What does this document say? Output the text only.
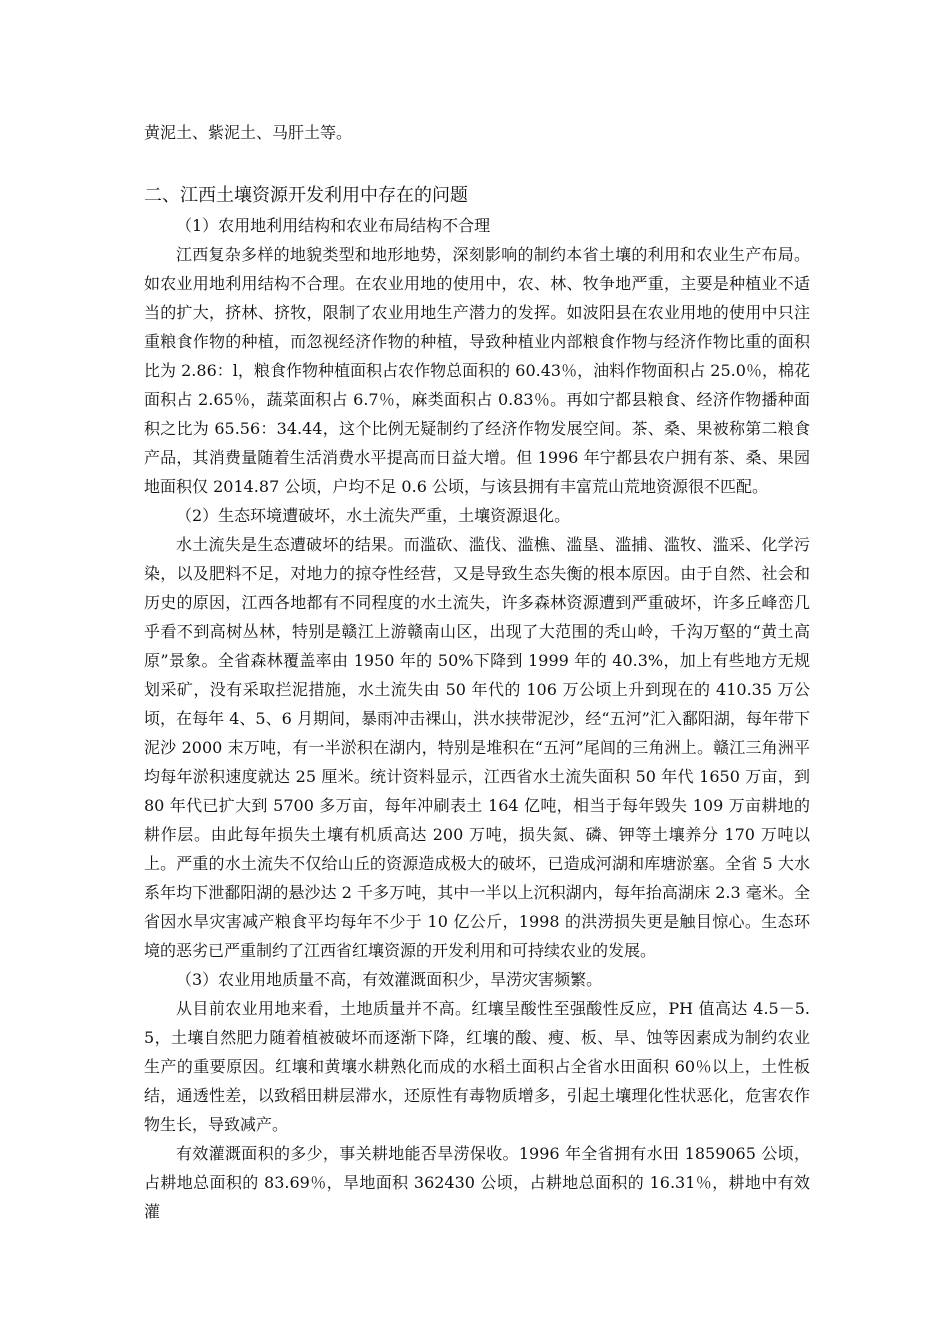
黄泥土、紫泥土、马肝土等。

二、江西土壤资源开发利用中存在的问题

（1）农用地利用结构和农业布局结构不合理

江西复杂多样的地貌类型和地形地势，深刻影响的制约本省土壤的利用和农业生产布局。如农业用地利用结构不合理。在农业用地的使用中，农、林、牧争地严重，主要是种植业不适当的扩大，挤林、挤牧，限制了农业用地生产潜力的发挥。如波阳县在农业用地的使用中只注重粮食作物的种植，而忽视经济作物的种植，导致种植业内部粮食作物与经济作物比重的面积比为 2.86：l，粮食作物种植面积占农作物总面积的 60.43％，油料作物面积占 25.0％，棉花面积占 2.65％，蔬菜面积占 6.7％，麻类面积占 0.83％。再如宁都县粮食、经济作物播种面积之比为 65.56：34.44，这个比例无疑制约了经济作物发展空间。茶、桑、果被称第二粮食产品，其消费量随着生活消费水平提高而日益大增。但 1996 年宁都县农户拥有茶、桑、果园地面积仅 2014.87 公顷，户均不足 0.6 公顷，与该县拥有丰富荒山荒地资源很不匹配。

（2）生态环境遭破坏，水土流失严重，土壤资源退化。

水土流失是生态遭破坏的结果。而滥砍、滥伐、滥樵、滥垦、滥捕、滥牧、滥采、化学污染，以及肥料不足，对地力的掠夺性经营，又是导致生态失衡的根本原因。由于自然、社会和历史的原因，江西各地都有不同程度的水土流失，许多森林资源遭到严重破坏，许多丘峰峦几乎看不到高树丛林，特别是赣江上游赣南山区，出现了大范围的秃山岭，千沟万壑的“黄土高原”景象。全省森林覆盖率由 1950 年的 50%下降到 1999 年的 40.3%，加上有些地方无规划采矿，没有采取拦泥措施，水土流失由 50 年代的 106 万公顷上升到现在的 410.35 万公顷，在每年 4、5、6 月期间，暴雨冲击裸山，洪水挟带泥沙，经“五河”汇入鄱阳湖，每年带下泥沙 2000 末万吨，有一半淤积在湖内，特别是堆积在“五河”尾闾的三角洲上。赣江三角洲平均每年淤积速度就达 25 厘米。统计资料显示，江西省水土流失面积 50 年代 1650 万亩，到 80 年代已扩大到 5700 多万亩，每年冲刷表土 164 亿吨，相当于每年毁失 109 万亩耕地的耕作层。由此每年损失土壤有机质高达 200 万吨，损失氮、磷、钾等土壤养分 170 万吨以上。严重的水土流失不仅给山丘的资源造成极大的破坏，已造成河湖和库塘淤塞。全省 5 大水系年均下泄鄱阳湖的悬沙达 2 千多万吨，其中一半以上沉积湖内，每年抬高湖床 2.3 毫米。全省因水旱灾害减产粮食平均每年不少于 10 亿公斤，1998 的洪涝损失更是触目惊心。生态环境的恶劣已严重制约了江西省红壤资源的开发利用和可持续农业的发展。

（3）农业用地质量不高，有效灌溉面积少，旱涝灾害频繁。

从目前农业用地来看，土地质量并不高。红壤呈酸性至强酸性反应，PH 值高达 4.5－5.5，土壤自然肥力随着植被破坏而逐渐下降，红壤的酸、瘦、板、旱、蚀等因素成为制约农业生产的重要原因。红壤和黄壤水耕熟化而成的水稻土面积占全省水田面积 60％以上，土性板结，通透性差，以致稻田耕层滞水，还原性有毒物质增多，引起土壤理化性状恶化，危害农作物生长，导致减产。

有效灌溉面积的多少，事关耕地能否旱涝保收。1996 年全省拥有水田 1859065 公顷，占耕地总面积的 83.69％，旱地面积 362430 公顷，占耕地总面积的 16.31％，耕地中有效灌
